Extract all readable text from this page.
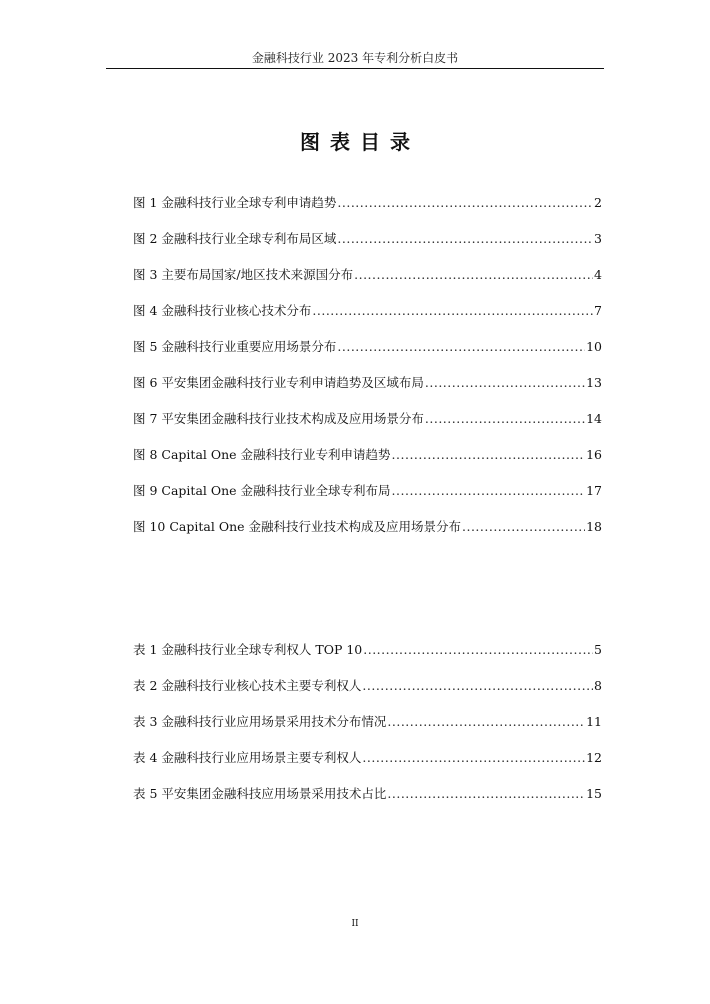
金融科技行业 2023 年专利分析白皮书
图表目录
图 1 金融科技行业全球专利申请趋势 .....	2
图 2 金融科技行业全球专利布局区域 .....	3
图 3 主要布局国家/地区技术来源国分布 .....	4
图 4 金融科技行业核心技术分布 .....	7
图 5 金融科技行业重要应用场景分布 .....	10
图 6 平安集团金融科技行业专利申请趋势及区域布局 .....	13
图 7 平安集团金融科技行业技术构成及应用场景分布 .....	14
图 8 Capital One 金融科技行业专利申请趋势 .....	16
图 9 Capital One 金融科技行业全球专利布局 .....	17
图 10 Capital One 金融科技行业技术构成及应用场景分布 .....	18
表 1 金融科技行业全球专利权人 TOP 10 .....	5
表 2 金融科技行业核心技术主要专利权人 .....	8
表 3 金融科技行业应用场景采用技术分布情况 .....	11
表 4 金融科技行业应用场景主要专利权人 .....	12
表 5 平安集团金融科技应用场景采用技术占比 .....	15
II
